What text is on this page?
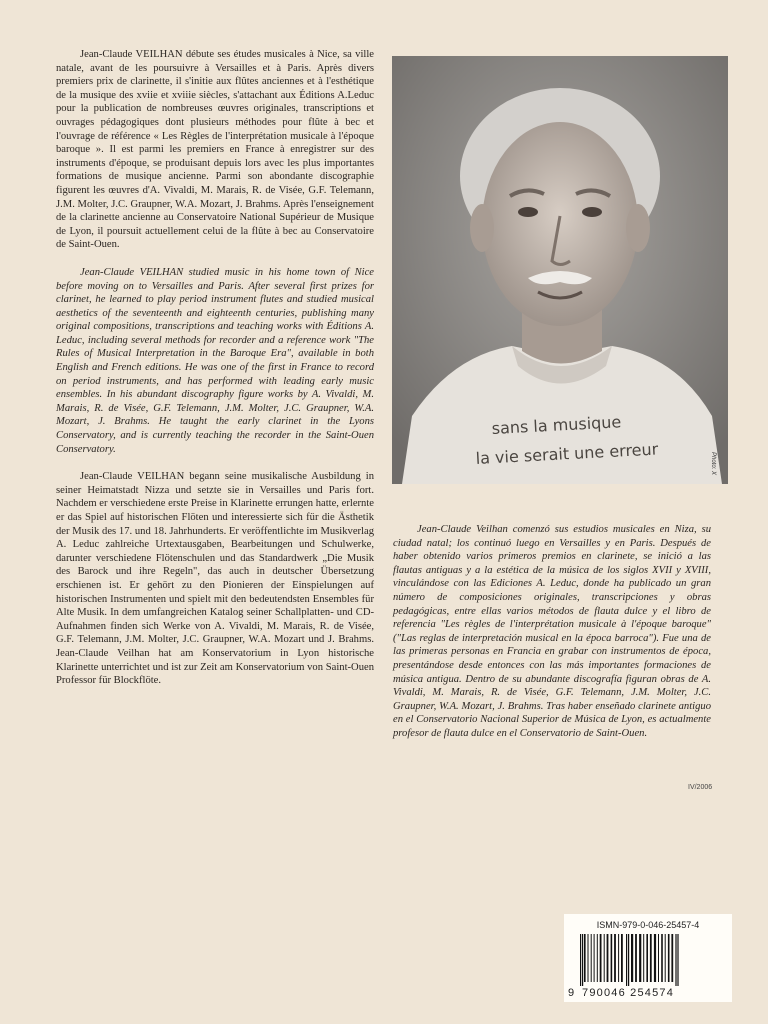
Jean-Claude VEILHAN débute ses études musicales à Nice, sa ville natale, avant de les poursuivre à Versailles et à Paris. Après divers premiers prix de clarinette, il s'initie aux flûtes anciennes et à l'esthétique de la musique des xviie et xviiie siècles, s'attachant aux Éditions A.Leduc pour la publication de nombreuses œuvres originales, transcriptions et ouvrages pédagogiques dont plusieurs méthodes pour flûte à bec et l'ouvrage de référence « Les Règles de l'interprétation musicale à l'époque baroque ». Il est parmi les premiers en France à enregistrer sur des instruments d'époque, se produisant depuis lors avec les plus importantes formations de musique ancienne. Parmi son abondante discographie figurent les œuvres d'A. Vivaldi, M. Marais, R. de Visée, G.F. Telemann, J.M. Molter, J.C. Graupner, W.A. Mozart, J. Brahms. Après l'enseignement de la clarinette ancienne au Conservatoire National Supérieur de Musique de Lyon, il poursuit actuellement celui de la flûte à bec au Conservatoire de Saint-Ouen.

Jean-Claude VEILHAN studied music in his home town of Nice before moving on to Versailles and Paris. After several first prizes for clarinet, he learned to play period instrument flutes and studied musical aesthetics of the seventeenth and eighteenth centuries, publishing many original compositions, transcriptions and teaching works with Éditions A. Leduc, including several methods for recorder and a reference work "The Rules of Musical Interpretation in the Baroque Era", available in both English and French editions. He was one of the first in France to record on period instruments, and has performed with leading early music ensembles. In his abundant discography figure works by A. Vivaldi, M. Marais, R. de Visée, G.F. Telemann, J.M. Molter, J.C. Graupner, W.A. Mozart, J. Brahms. He taught the early clarinet in the Lyons Conservatory, and is currently teaching the recorder in the Saint-Ouen Conservatory.

Jean-Claude VEILHAN begann seine musikalische Ausbildung in seiner Heimatstadt Nizza und setzte sie in Versailles und Paris fort. Nachdem er verschiedene erste Preise in Klarinette errungen hatte, erlernte er das Spiel auf historischen Flöten und interessierte sich für die Ästhetik der Musik des 17. und 18. Jahrhunderts. Er veröffentlichte im Musikverlag A. Leduc zahlreiche Urtextausgaben, Bearbeitungen und Schulwerke, darunter verschiedene Flötenschulen und das Standardwerk „Die Musik des Barock und ihre Regeln", das auch in deutscher Übersetzung erschienen ist. Er gehört zu den Pionieren der Einspielungen auf historischen Instrumenten und spielt mit den bedeutendsten Ensembles für Alte Musik. In dem umfangreichen Katalog seiner Schallplatten- und CD-Aufnahmen finden sich Werke von A. Vivaldi, M. Marais, R. de Visée, G.F. Telemann, J.M. Molter, J.C. Graupner, W.A. Mozart und J. Brahms. Jean-Claude Veilhan hat am Konservatorium in Lyon historische Klarinette unterrichtet und ist zur Zeit am Konservatorium von Saint-Ouen Professor für Blockflöte.

sans la musique
la vie serait une erreur	Photo: X

Jean-Claude Veilhan comenzó sus estudios musicales en Niza, su ciudad natal; los continuó luego en Versailles y en Paris. Después de haber obtenido varios primeros premios en clarinete, se inició a las flautas antiguas y a la estética de la música de los siglos XVII y XVIII, vinculándose con las Ediciones A. Leduc, donde ha publicado un gran número de composiciones originales, transcripciones y obras pedagógicas, entre ellas varios métodos de flauta dulce y el libro de referencia "Les règles de l'interprétation musicale à l'époque baroque" ("Las reglas de interpretación musical en la época barroca"). Fue una de las primeras personas en Francia en grabar con instrumentos de época, presentándose desde entonces con las más importantes formaciones de música antigua. Dentro de su abundante discografía figuran obras de A. Vivaldi, M. Marais, R. de Visée, G.F. Telemann, J.M. Molter, J.C. Graupner, W.A. Mozart, J. Brahms. Tras haber enseñado clarinete antiguo en el Conservatorio Nacional Superior de Música de Lyon, es actualmente profesor de flauta dulce en el Conservatorio de Saint-Ouen.

IV/2006
ISMN-979-0-046-25457-4
9 790046 254574
